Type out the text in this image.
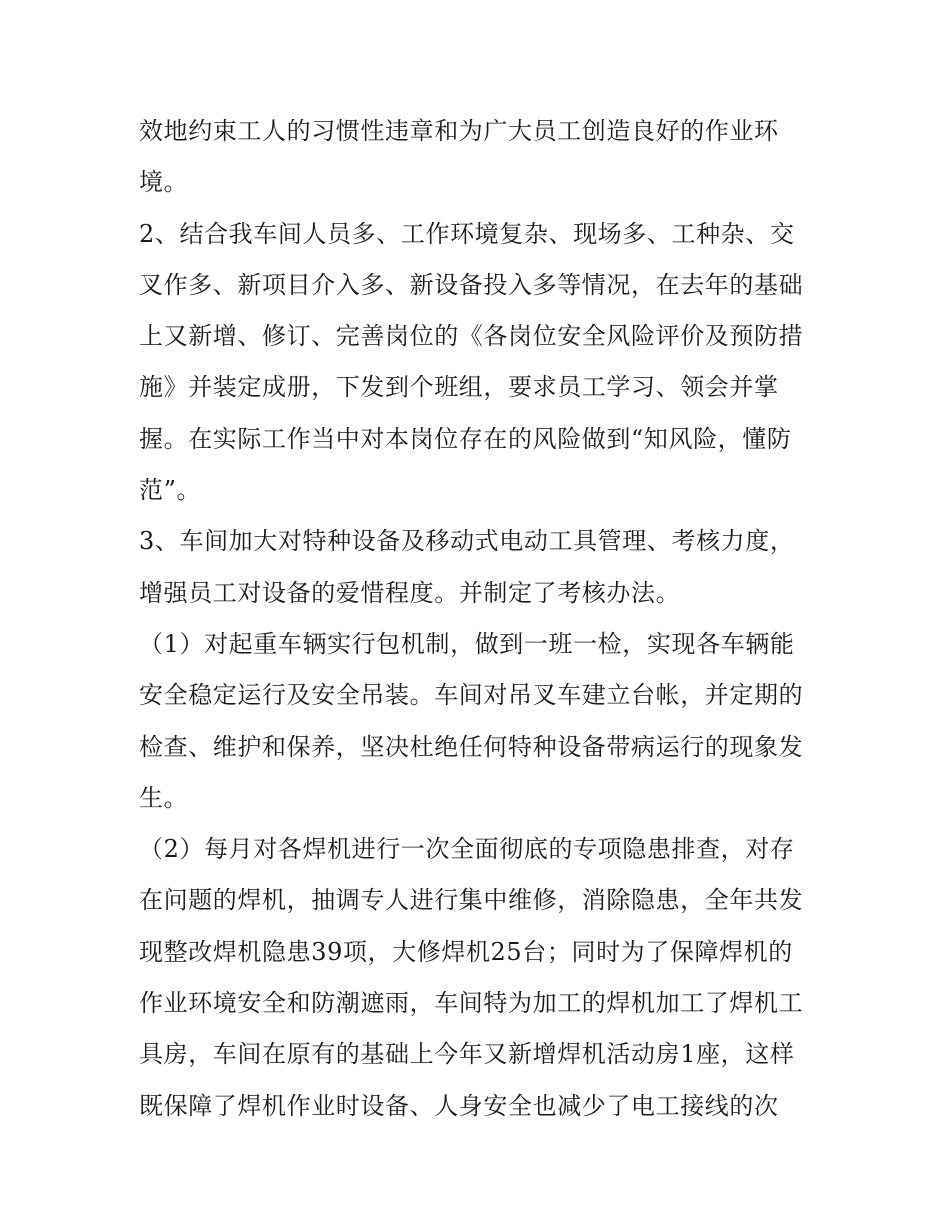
效地约束工人的习惯性违章和为广大员工创造良好的作业环
境。
2、结合我车间人员多、工作环境复杂、现场多、工种杂、交
叉作多、新项目介入多、新设备投入多等情况，在去年的基础
上又新增、修订、完善岗位的《各岗位安全风险评价及预防措
施》并装定成册，下发到个班组，要求员工学习、领会并掌
握。在实际工作当中对本岗位存在的风险做到“知风险，懂防
范”。
3、车间加大对特种设备及移动式电动工具管理、考核力度，
增强员工对设备的爱惜程度。并制定了考核办法。
（1）对起重车辆实行包机制，做到一班一检，实现各车辆能
安全稳定运行及安全吊装。车间对吊叉车建立台帐，并定期的
检查、维护和保养，坚决杜绝任何特种设备带病运行的现象发
生。
（2）每月对各焊机进行一次全面彻底的专项隐患排查，对存
在问题的焊机，抽调专人进行集中维修，消除隐患，全年共发
现整改焊机隐患39项，大修焊机25台；同时为了保障焊机的
作业环境安全和防潮遮雨，车间特为加工的焊机加工了焊机工
具房，车间在原有的基础上今年又新增焊机活动房1座，这样
既保障了焊机作业时设备、人身安全也减少了电工接线的次
